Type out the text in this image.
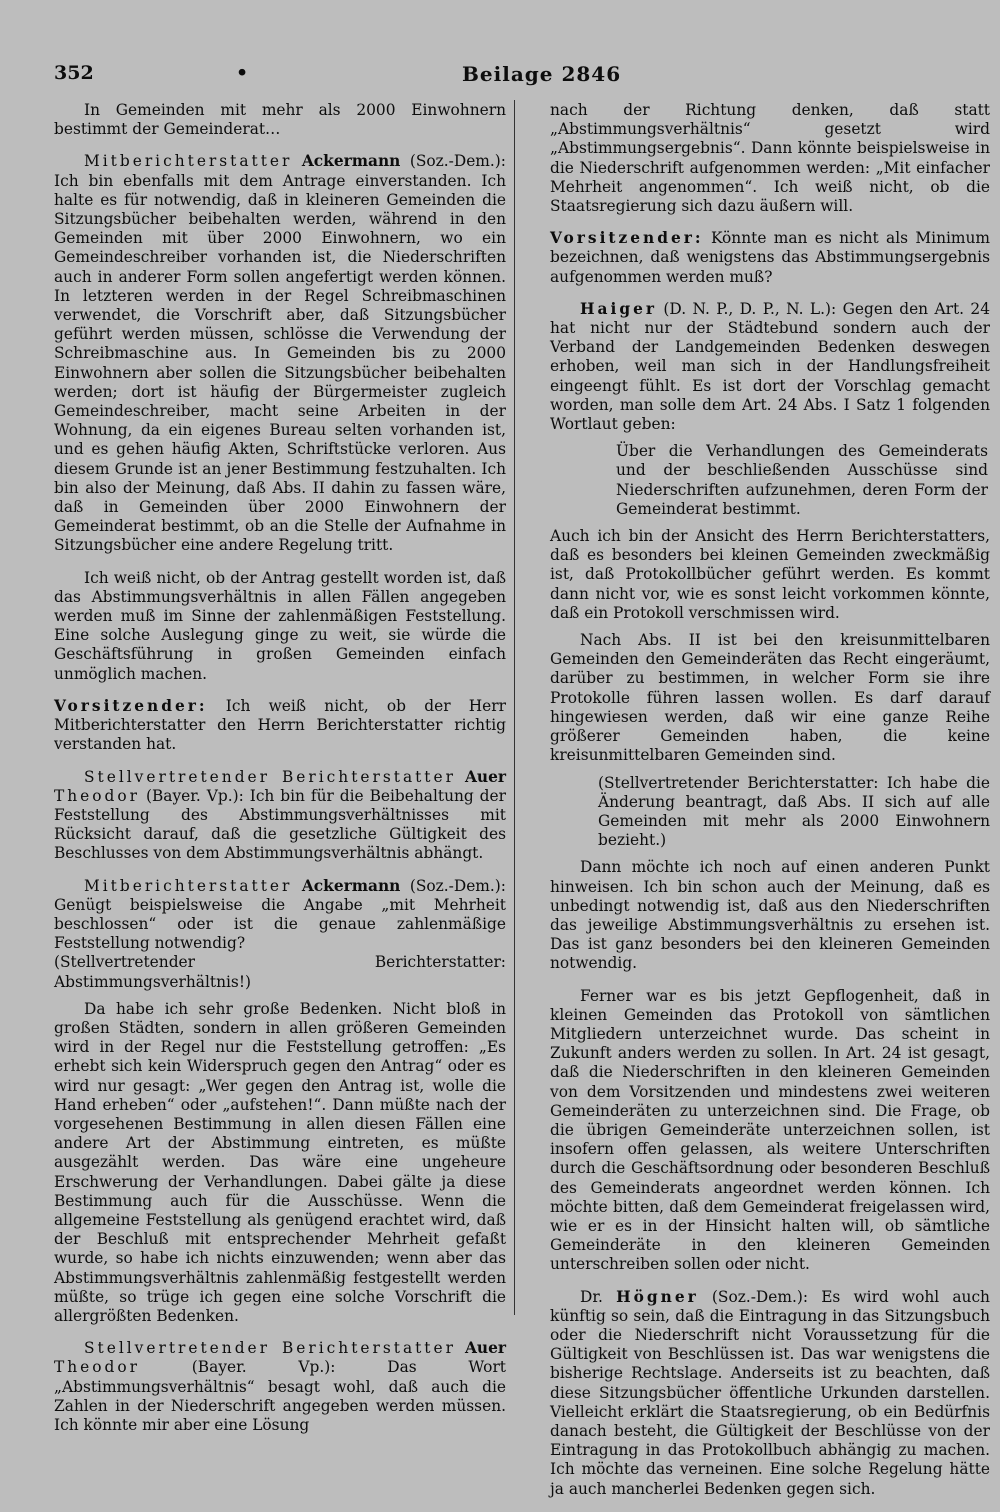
352	•	Beilage 2846

In Gemeinden mit mehr als 2000 Einwohnern bestimmt der Gemeinderat…

Mitberichterstatter Ackermann (Soz.-Dem.): Ich bin ebenfalls mit dem Antrage einverstanden. Ich halte es für notwendig, daß in kleineren Gemeinden die Sitzungsbücher beibehalten werden, während in den Gemeinden mit über 2000 Einwohnern, wo ein Gemeindeschreiber vorhanden ist, die Niederschriften auch in anderer Form sollen angefertigt werden können. In letzteren werden in der Regel Schreibmaschinen verwendet, die Vorschrift aber, daß Sitzungsbücher geführt werden müssen, schlösse die Verwendung der Schreibmaschine aus. In Gemeinden bis zu 2000 Einwohnern aber sollen die Sitzungsbücher beibehalten werden; dort ist häufig der Bürgermeister zugleich Gemeindeschreiber, macht seine Arbeiten in der Wohnung, da ein eigenes Bureau selten vorhanden ist, und es gehen häufig Akten, Schriftstücke verloren. Aus diesem Grunde ist an jener Bestimmung festzuhalten. Ich bin also der Meinung, daß Abs. II dahin zu fassen wäre, daß in Gemeinden über 2000 Einwohnern der Gemeinderat bestimmt, ob an die Stelle der Aufnahme in Sitzungsbücher eine andere Regelung tritt.

Ich weiß nicht, ob der Antrag gestellt worden ist, daß das Abstimmungsverhältnis in allen Fällen angegeben werden muß im Sinne der zahlenmäßigen Feststellung. Eine solche Auslegung ginge zu weit, sie würde die Geschäftsführung in großen Gemeinden einfach unmöglich machen.

Vorsitzender: Ich weiß nicht, ob der Herr Mitberichterstatter den Herrn Berichterstatter richtig verstanden hat.

Stellvertretender Berichterstatter Auer Theodor (Bayer. Vp.): Ich bin für die Beibehaltung der Feststellung des Abstimmungsverhältnisses mit Rücksicht darauf, daß die gesetzliche Gültigkeit des Beschlusses von dem Abstimmungsverhältnis abhängt.

Mitberichterstatter Ackermann (Soz.-Dem.): Genügt beispielsweise die Angabe „mit Mehrheit beschlossen“ oder ist die genaue zahlenmäßige Feststellung notwendig?

(Stellvertretender Berichterstatter: Abstimmungsverhältnis!)

Da habe ich sehr große Bedenken. Nicht bloß in großen Städten, sondern in allen größeren Gemeinden wird in der Regel nur die Feststellung getroffen: „Es erhebt sich kein Widerspruch gegen den Antrag“ oder es wird nur gesagt: „Wer gegen den Antrag ist, wolle die Hand erheben“ oder „aufstehen!“. Dann müßte nach der vorgesehenen Bestimmung in allen diesen Fällen eine andere Art der Abstimmung eintreten, es müßte ausgezählt werden. Das wäre eine ungeheure Erschwerung der Verhandlungen. Dabei gälte ja diese Bestimmung auch für die Ausschüsse. Wenn die allgemeine Feststellung als genügend erachtet wird, daß der Beschluß mit entsprechender Mehrheit gefaßt wurde, so habe ich nichts einzuwenden; wenn aber das Abstimmungsverhältnis zahlenmäßig festgestellt werden müßte, so trüge ich gegen eine solche Vorschrift die allergrößten Bedenken.

Stellvertretender Berichterstatter Auer Theodor	(Bayer. Vp.):	Das Wort „Abstimmungsverhältnis“ besagt wohl, daß auch die Zahlen in der Niederschrift angegeben werden müssen. Ich könnte mir aber eine Lösung

nach der Richtung denken, daß statt „Abstimmungsverhältnis“ gesetzt wird „Abstimmungsergebnis“. Dann könnte beispielsweise in die Niederschrift aufgenommen werden: „Mit einfacher Mehrheit angenommen“. Ich weiß nicht, ob die Staatsregierung sich dazu äußern will.

Vorsitzender: Könnte man es nicht als Minimum bezeichnen, daß wenigstens das Abstimmungsergebnis aufgenommen werden muß?

Haiger (D. N. P., D. P., N. L.): Gegen den Art. 24 hat nicht nur der Städtebund sondern auch der Verband der Landgemeinden Bedenken deswegen erhoben, weil man sich in der Handlungsfreiheit eingeengt fühlt. Es ist dort der Vorschlag gemacht worden, man solle dem Art. 24 Abs. I Satz 1 folgenden Wortlaut geben:

Über die Verhandlungen des Gemeinderats und der beschließenden Ausschüsse sind Niederschriften aufzunehmen, deren Form der Gemeinderat bestimmt.

Auch ich bin der Ansicht des Herrn Berichterstatters, daß es besonders bei kleinen Gemeinden zweckmäßig ist, daß Protokollbücher geführt werden. Es kommt dann nicht vor, wie es sonst leicht vorkommen könnte, daß ein Protokoll verschmissen wird.

Nach Abs. II ist bei den kreisunmittelbaren Gemeinden den Gemeinderäten das Recht eingeräumt, darüber zu bestimmen, in welcher Form sie ihre Protokolle führen lassen wollen. Es darf darauf hingewiesen werden, daß wir eine ganze Reihe größerer Gemeinden haben, die keine kreisunmittelbaren Gemeinden sind.

(Stellvertretender Berichterstatter: Ich habe die Änderung beantragt, daß Abs. II sich auf alle Gemeinden mit mehr als 2000 Einwohnern bezieht.)

Dann möchte ich noch auf einen anderen Punkt hinweisen. Ich bin schon auch der Meinung, daß es unbedingt notwendig ist, daß aus den Niederschriften das jeweilige Abstimmungsverhältnis zu ersehen ist. Das ist ganz besonders bei den kleineren Gemeinden notwendig.

Ferner war es bis jetzt Gepflogenheit, daß in kleinen Gemeinden das Protokoll von sämtlichen Mitgliedern unterzeichnet wurde. Das scheint in Zukunft anders werden zu sollen. In Art. 24 ist gesagt, daß die Niederschriften in den kleineren Gemeinden von dem Vorsitzenden und mindestens zwei weiteren Gemeinderäten zu unterzeichnen sind. Die Frage, ob die übrigen Gemeinderäte unterzeichnen sollen, ist insofern offen gelassen, als weitere Unterschriften durch die Geschäftsordnung oder besonderen Beschluß des Gemeinderats angeordnet werden können. Ich möchte bitten, daß dem Gemeinderat freigelassen wird, wie er es in der Hinsicht halten will, ob sämtliche Gemeinderäte in den kleineren Gemeinden unterschreiben sollen oder nicht.

Dr. Högner (Soz.-Dem.): Es wird wohl auch künftig so sein, daß die Eintragung in das Sitzungsbuch oder die Niederschrift nicht Voraussetzung für die Gültigkeit von Beschlüssen ist. Das war wenigstens die bisherige Rechtslage. Anderseits ist zu beachten, daß diese Sitzungsbücher öffentliche Urkunden darstellen. Vielleicht erklärt die Staatsregierung, ob ein Bedürfnis danach besteht, die Gültigkeit der Beschlüsse von der Eintragung in das Protokollbuch abhängig zu machen. Ich möchte das verneinen. Eine solche Regelung hätte ja auch mancherlei Bedenken gegen sich.
